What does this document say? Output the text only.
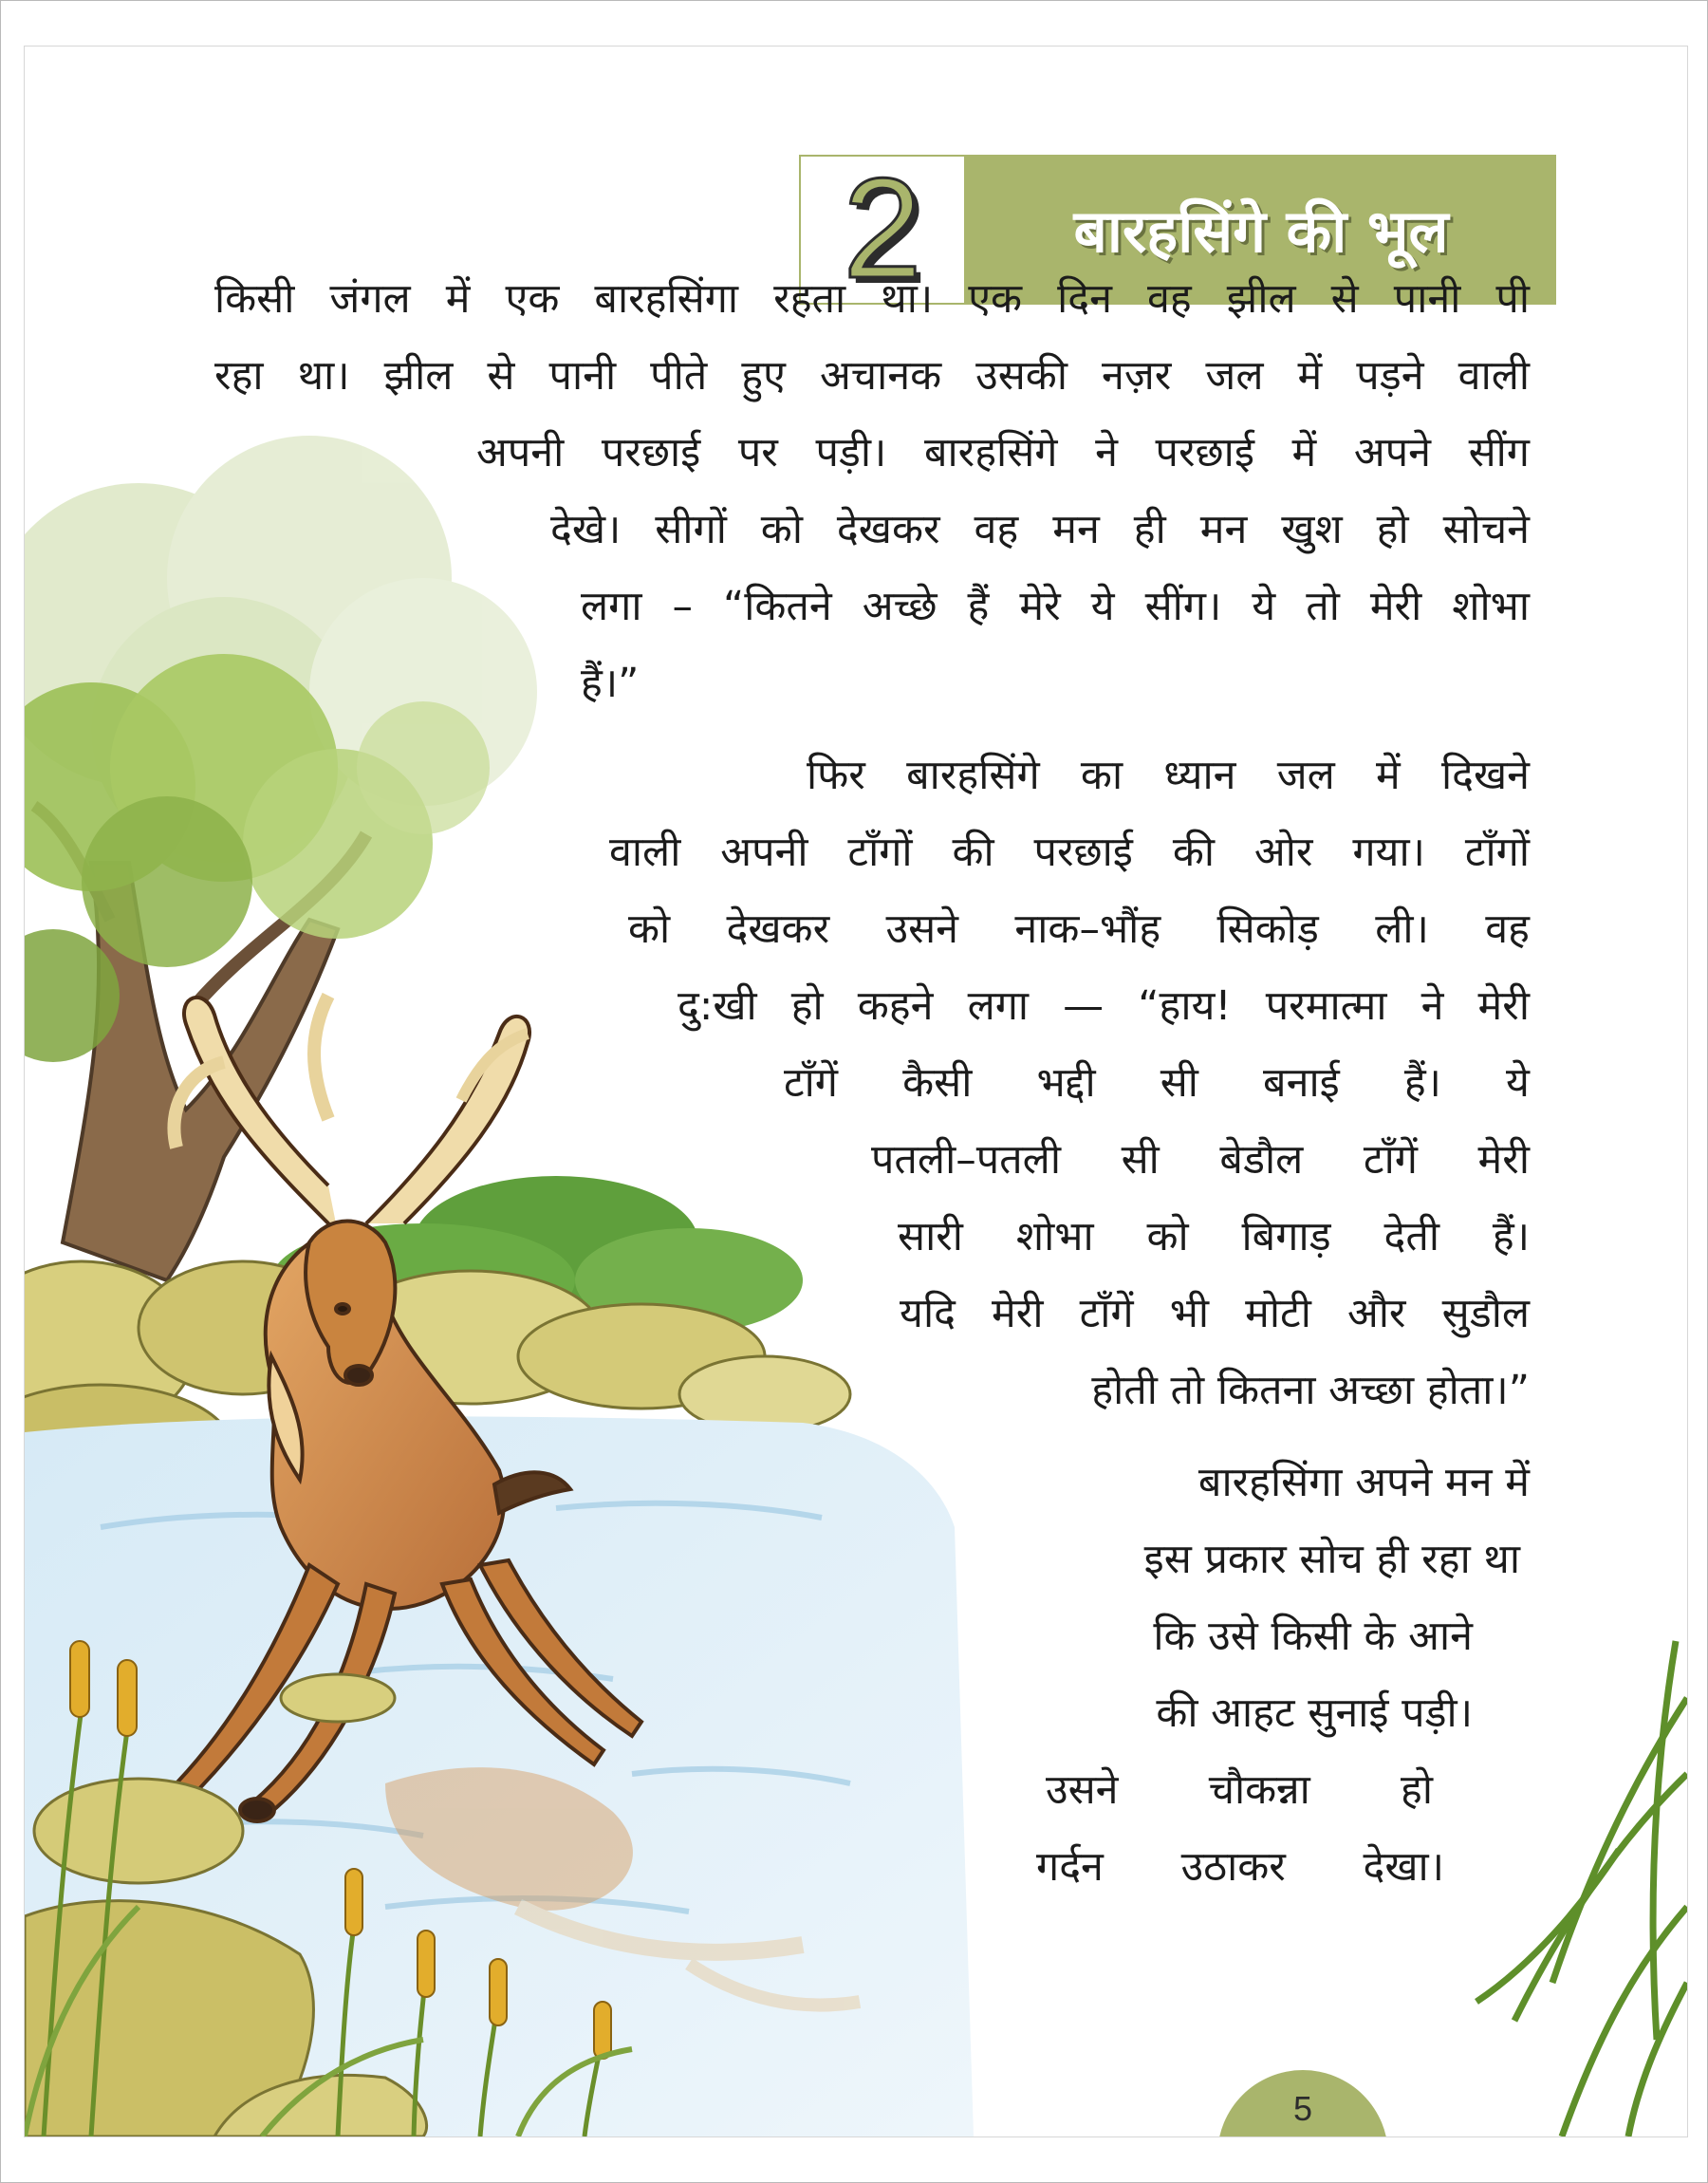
2	बारहसिंगे की भूल

किसी जंगल में एक बारहसिंगा रहता था। एक दिन वह झील से पानी पी

रहा था। झील से पानी पीते हुए अचानक उसकी नज़र जल में पड़ने वाली

अपनी परछाई पर पड़ी। बारहसिंगे ने परछाई में अपने सींग

देखे। सीगों को देखकर वह मन ही मन खुश हो सोचने

लगा – “कितने अच्छे हैं मेरे ये सींग। ये तो मेरी शोभा

हैं।”

फिर बारहसिंगे का ध्यान जल में दिखने

वाली अपनी टाँगों की परछाई की ओर गया। टाँगों

को देखकर उसने नाक–भौंह सिकोड़ ली। वह

दु:खी हो कहने लगा — “हाय! परमात्मा ने मेरी

टाँगें कैसी भद्दी सी बनाई हैं। ये

पतली–पतली सी बेडौल टाँगें मेरी

सारी शोभा को बिगाड़ देती हैं।

यदि मेरी टाँगें भी मोटी और सुडौल

होती तो कितना अच्छा होता।”

बारहसिंगा अपने मन में

इस प्रकार सोच ही रहा था

कि उसे किसी के आने

की आहट सुनाई पड़ी।

उसने चौकन्ना हो

गर्दन उठाकर देखा।

5
